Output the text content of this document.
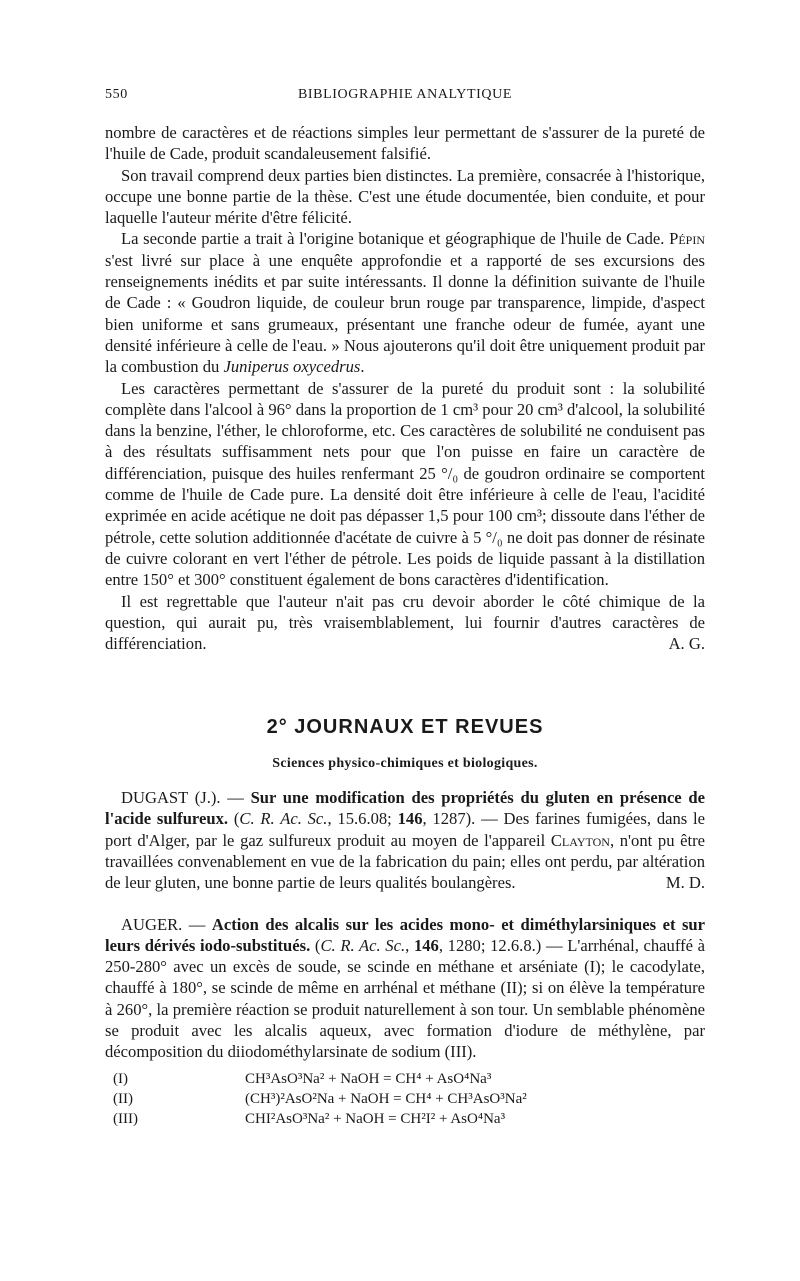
550	BIBLIOGRAPHIE ANALYTIQUE

nombre de caractères et de réactions simples leur permettant de s'assurer de la pureté de l'huile de Cade, produit scandaleusement falsifié.

Son travail comprend deux parties bien distinctes. La première, consacrée à l'historique, occupe une bonne partie de la thèse. C'est une étude documentée, bien conduite, et pour laquelle l'auteur mérite d'être félicité.

La seconde partie a trait à l'origine botanique et géographique de l'huile de Cade. Pépin s'est livré sur place à une enquête approfondie et a rapporté de ses excursions des renseignements inédits et par suite intéressants. Il donne la définition suivante de l'huile de Cade : « Goudron liquide, de couleur brun rouge par transparence, limpide, d'aspect bien uniforme et sans grumeaux, présentant une franche odeur de fumée, ayant une densité inférieure à celle de l'eau. » Nous ajouterons qu'il doit être uniquement produit par la combustion du Juniperus oxycedrus.

Les caractères permettant de s'assurer de la pureté du produit sont : la solubilité complète dans l'alcool à 96° dans la proportion de 1 cm³ pour 20 cm³ d'alcool, la solubilité dans la benzine, l'éther, le chloroforme, etc. Ces caractères de solubilité ne conduisent pas à des résultats suffisamment nets pour que l'on puisse en faire un caractère de différenciation, puisque des huiles renfermant 25 °/₀ de goudron ordinaire se comportent comme de l'huile de Cade pure. La densité doit être inférieure à celle de l'eau, l'acidité exprimée en acide acétique ne doit pas dépasser 1,5 pour 100 cm³; dissoute dans l'éther de pétrole, cette solution additionnée d'acétate de cuivre à 5 °/₀ ne doit pas donner de résinate de cuivre colorant en vert l'éther de pétrole. Les poids de liquide passant à la distillation entre 150° et 300° constituent également de bons caractères d'identification.

Il est regrettable que l'auteur n'ait pas cru devoir aborder le côté chimique de la question, qui aurait pu, très vraisemblablement, lui fournir d'autres caractères de différenciation.	A. G.

2° JOURNAUX ET REVUES
Sciences physico-chimiques et biologiques.

DUGAST (J.). — Sur une modification des propriétés du gluten en présence de l'acide sulfureux. (C. R. Ac. Sc., 15.6.08; 146, 1287). — Des farines fumigées, dans le port d'Alger, par le gaz sulfureux produit au moyen de l'appareil Clayton, n'ont pu être travaillées convenablement en vue de la fabrication du pain; elles ont perdu, par altération de leur gluten, une bonne partie de leurs qualités boulangères.	M. D.

AUGER. — Action des alcalis sur les acides mono- et diméthylarsiniques et sur leurs dérivés iodo-substitués. (C. R. Ac. Sc., 146, 1280; 12.6.8.) — L'arrhénal, chauffé à 250-280° avec un excès de soude, se scinde en méthane et arséniate (I); le cacodylate, chauffé à 180°, se scinde de même en arrhénal et méthane (II); si on élève la température à 260°, la première réaction se produit naturellement à son tour. Un semblable phénomène se produit avec les alcalis aqueux, avec formation d'iodure de méthylène, par décomposition du diiodométhylarsinate de sodium (III).

(I)	CH³AsO³Na² + NaOH = CH⁴ + AsO⁴Na³
(II)	(CH³)²AsO²Na + NaOH = CH⁴ + CH³AsO³Na²
(III)	CHI²AsO³Na² + NaOH = CH²I² + AsO⁴Na³
